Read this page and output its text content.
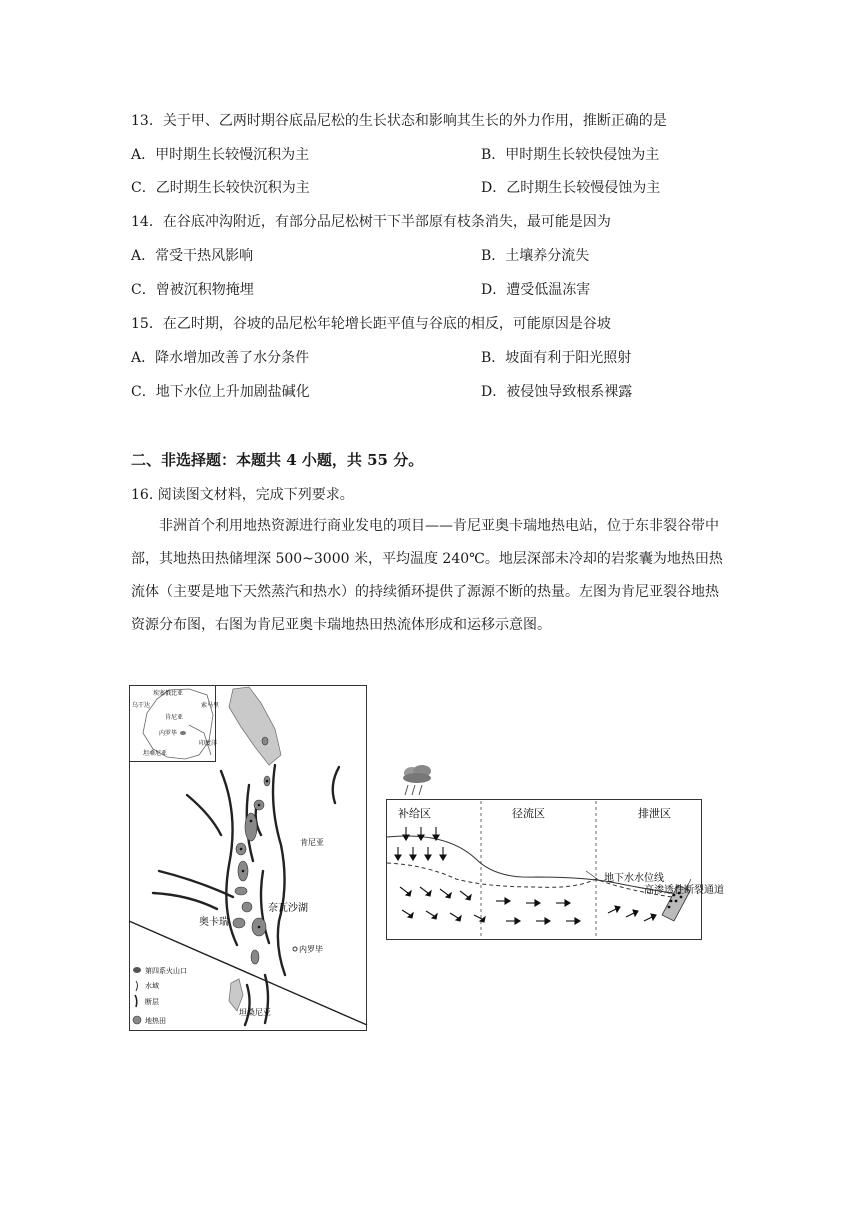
13．关于甲、乙两时期谷底品尼松的生长状态和影响其生长的外力作用，推断正确的是
A．甲时期生长较慢沉积为主	B．甲时期生长较快侵蚀为主
C．乙时期生长较快沉积为主	D．乙时期生长较慢侵蚀为主
14．在谷底冲沟附近，有部分品尼松树干下半部原有枝条消失，最可能是因为
A．常受干热风影响	B．土壤养分流失
C．曾被沉积物掩埋	D．遭受低温冻害
15．在乙时期，谷坡的品尼松年轮增长距平值与谷底的相反，可能原因是谷坡
A．降水增加改善了水分条件	B．坡面有利于阳光照射
C．地下水位上升加剧盐碱化	D．被侵蚀导致根系裸露
二、非选择题：本题共 4 小题，共 55 分。
16. 阅读图文材料，完成下列要求。
非洲首个利用地热资源进行商业发电的项目——肯尼亚奥卡瑞地热电站，位于东非裂谷带中部，其地热田热储埋深 500~3000 米，平均温度 240℃。地层深部未冷却的岩浆囊为地热田热流体（主要是地下天然蒸汽和热水）的持续循环提供了源源不断的热量。左图为肯尼亚裂谷地热资源分布图，右图为肯尼亚奥卡瑞地热田热流体形成和运移示意图。
埃塞俄比亚
乌干达
肯尼亚
索马里
内罗毕
坦桑尼亚
印度洋
肯尼亚
奥卡瑞
奈瓦沙湖
内罗毕
坦桑尼亚
第四系火山口
水域
断层
地热田
补给区	径流区	排泄区
地下水水位线
高渗透性断裂通道
